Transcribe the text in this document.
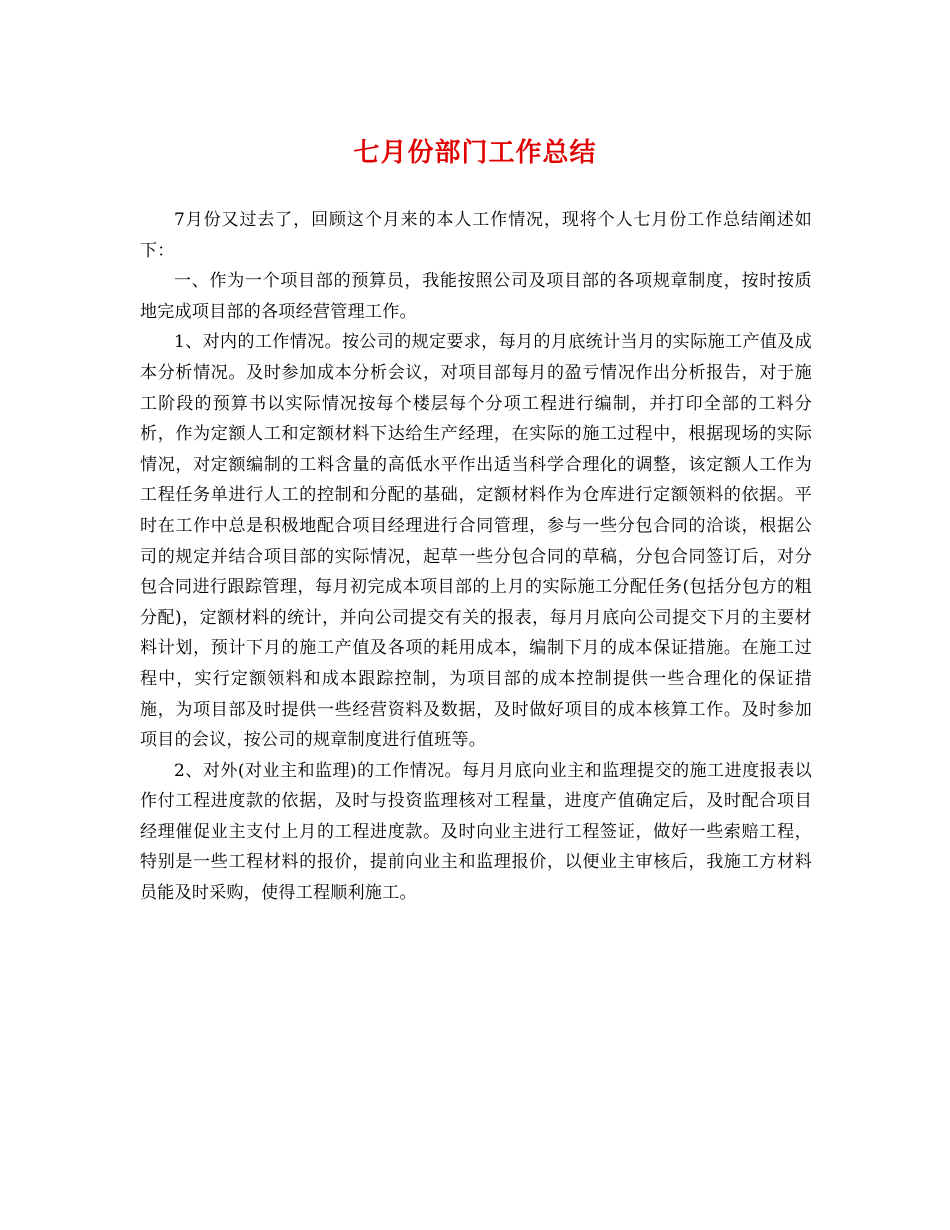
七月份部门工作总结

7月份又过去了，回顾这个月来的本人工作情况，现将个人七月份工作总结阐述如下：

一、作为一个项目部的预算员，我能按照公司及项目部的各项规章制度，按时按质地完成项目部的各项经营管理工作。

1、对内的工作情况。按公司的规定要求，每月的月底统计当月的实际施工产值及成本分析情况。及时参加成本分析会议，对项目部每月的盈亏情况作出分析报告，对于施工阶段的预算书以实际情况按每个楼层每个分项工程进行编制，并打印全部的工料分析，作为定额人工和定额材料下达给生产经理，在实际的施工过程中，根据现场的实际情况，对定额编制的工料含量的高低水平作出适当科学合理化的调整，该定额人工作为工程任务单进行人工的控制和分配的基础，定额材料作为仓库进行定额领料的依据。平时在工作中总是积极地配合项目经理进行合同管理，参与一些分包合同的洽谈，根据公司的规定并结合项目部的实际情况，起草一些分包合同的草稿，分包合同签订后，对分包合同进行跟踪管理，每月初完成本项目部的上月的实际施工分配任务(包括分包方的粗分配)，定额材料的统计，并向公司提交有关的报表，每月月底向公司提交下月的主要材料计划，预计下月的施工产值及各项的耗用成本，编制下月的成本保证措施。在施工过程中，实行定额领料和成本跟踪控制，为项目部的成本控制提供一些合理化的保证措施，为项目部及时提供一些经营资料及数据，及时做好项目的成本核算工作。及时参加项目的会议，按公司的规章制度进行值班等。

2、对外(对业主和监理)的工作情况。每月月底向业主和监理提交的施工进度报表以作付工程进度款的依据，及时与投资监理核对工程量，进度产值确定后，及时配合项目经理催促业主支付上月的工程进度款。及时向业主进行工程签证，做好一些索赔工程，特别是一些工程材料的报价，提前向业主和监理报价，以便业主审核后，我施工方材料员能及时采购，使得工程顺利施工。
